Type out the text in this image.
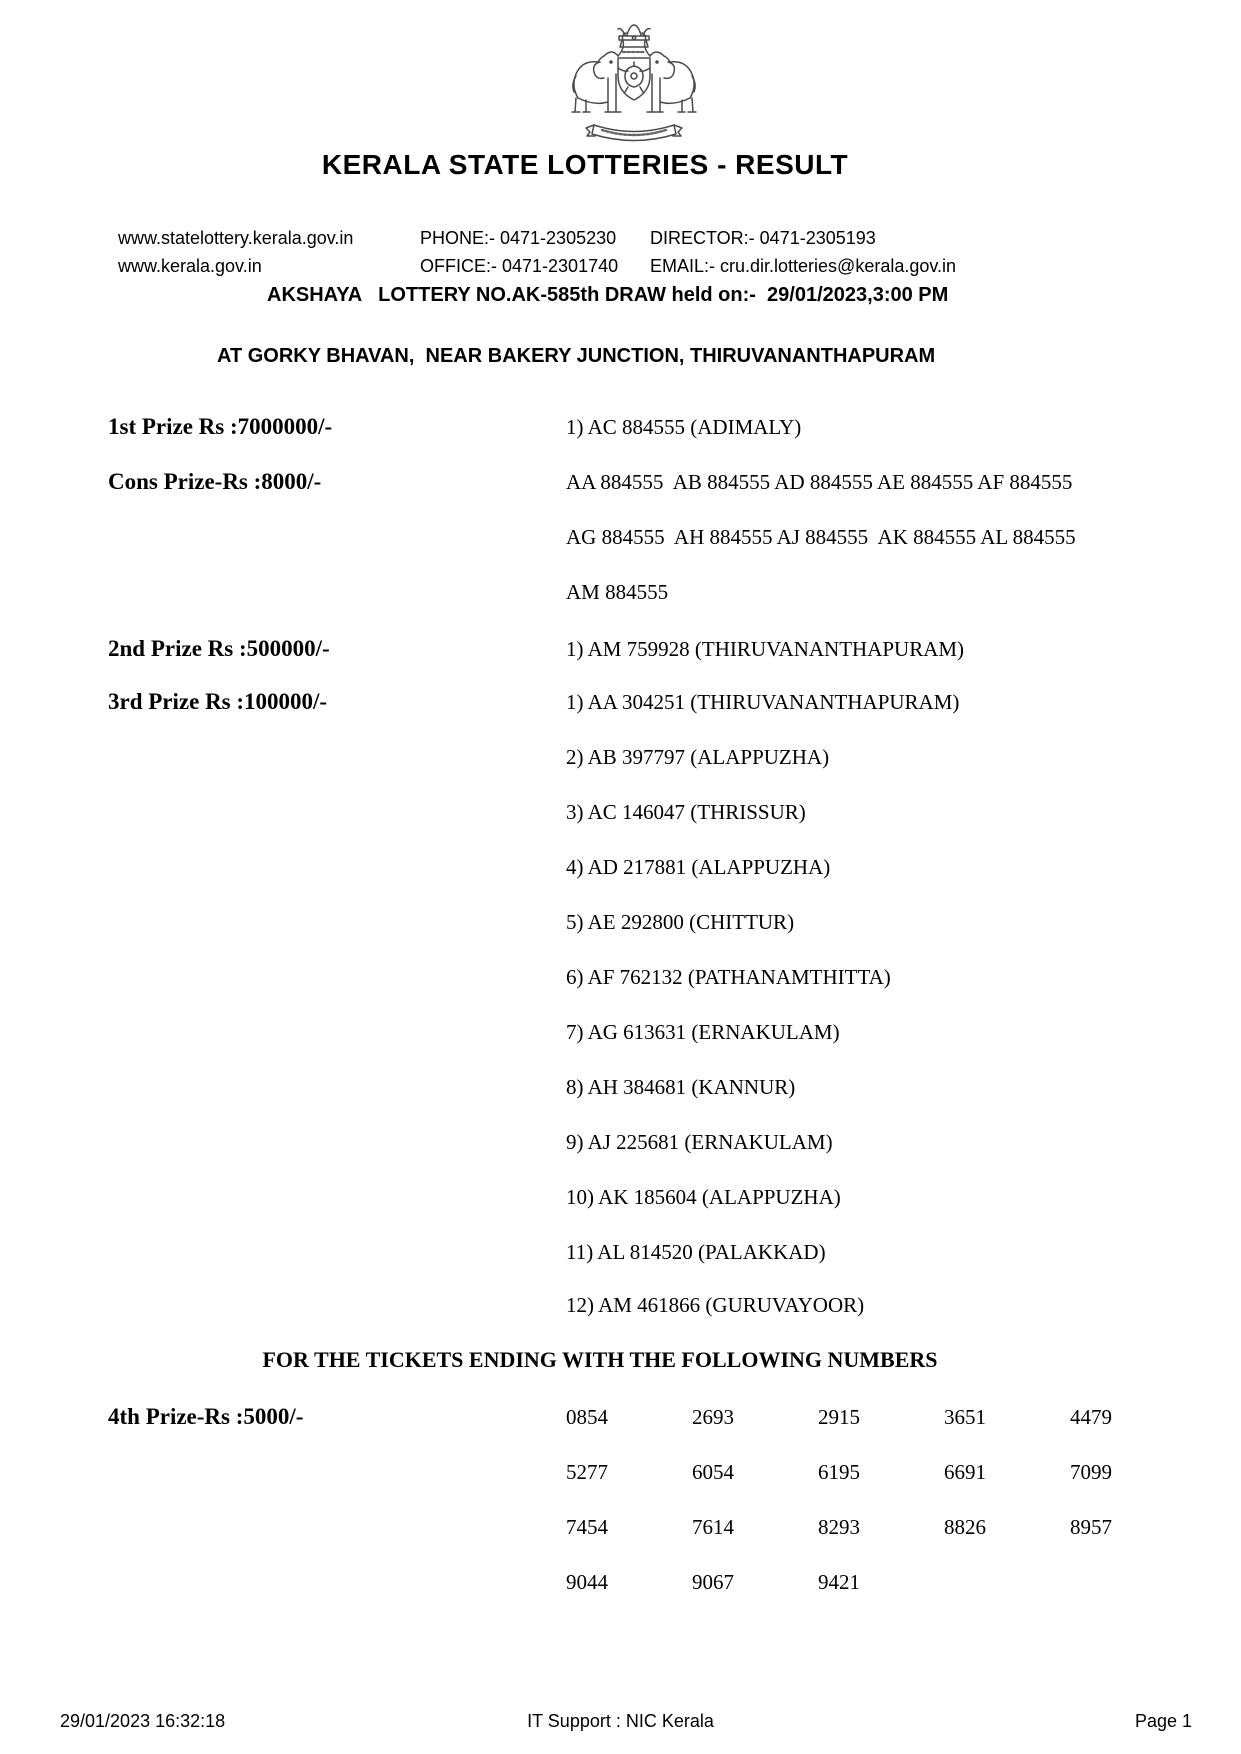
KERALA STATE LOTTERIES - RESULT
www.statelottery.kerala.gov.in	PHONE:- 0471-2305230 DIRECTOR:- 0471-2305193
www.kerala.gov.in	OFFICE:- 0471-2301740 EMAIL:- cru.dir.lotteries@kerala.gov.in
AKSHAYA   LOTTERY NO.AK-585th DRAW held on:-  29/01/2023,3:00 PM
AT GORKY BHAVAN,  NEAR BAKERY JUNCTION, THIRUVANANTHAPURAM
1st Prize Rs :7000000/-	1) AC 884555 (ADIMALY)
Cons Prize-Rs :8000/-	AA 884555  AB 884555 AD 884555 AE 884555 AF 884555
AG 884555  AH 884555 AJ 884555  AK 884555 AL 884555
AM 884555
2nd Prize Rs :500000/-	1) AM 759928 (THIRUVANANTHAPURAM)
3rd Prize Rs :100000/-	1) AA 304251 (THIRUVANANTHAPURAM)
2) AB 397797 (ALAPPUZHA)
3) AC 146047 (THRISSUR)
4) AD 217881 (ALAPPUZHA)
5) AE 292800 (CHITTUR)
6) AF 762132 (PATHANAMTHITTA)
7) AG 613631 (ERNAKULAM)
8) AH 384681 (KANNUR)
9) AJ 225681 (ERNAKULAM)
10) AK 185604 (ALAPPUZHA)
11) AL 814520 (PALAKKAD)
12) AM 461866 (GURUVAYOOR)
FOR THE TICKETS ENDING WITH THE FOLLOWING NUMBERS
4th Prize-Rs :5000/-	0854	2693	2915	3651	4479
5277	6054	6195	6691	7099
7454	7614	8293	8826	8957
9044	9067	9421
29/01/2023 16:32:18	IT Support : NIC Kerala	Page 1
